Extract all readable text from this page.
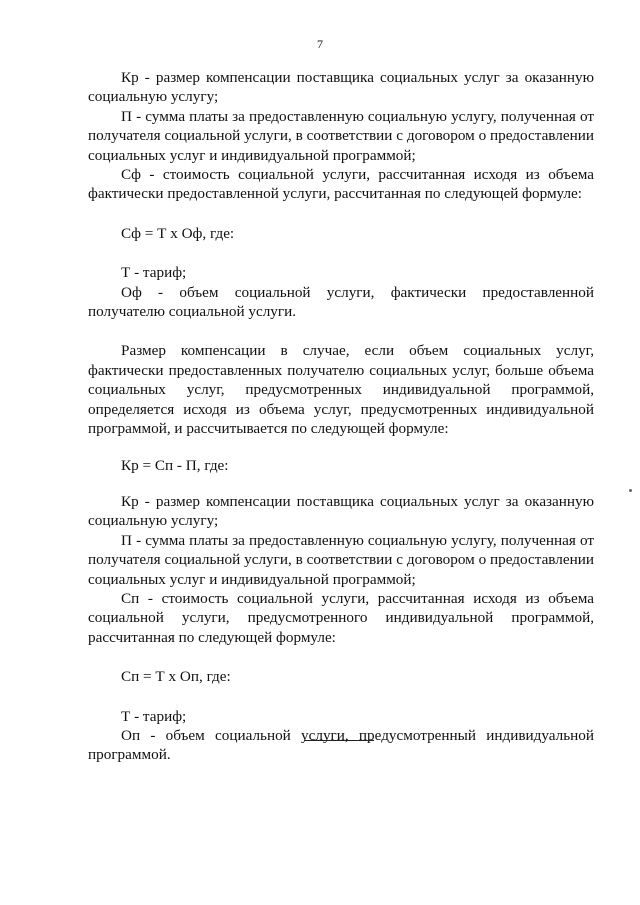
7

Кр - размер компенсации поставщика социальных услуг за оказанную социальную услугу;

П - сумма платы за предоставленную социальную услугу, полученная от получателя социальной услуги, в соответствии с договором о предоставлении социальных услуг и индивидуальной программой;

Сф - стоимость социальной услуги, рассчитанная исходя из объема фактически предоставленной услуги, рассчитанная по следующей формуле:

Сф = Т х Оф, где:

Т - тариф;

Оф - объем социальной услуги, фактически предоставленной получателю социальной услуги.

Размер компенсации в случае, если объем социальных услуг, фактически предоставленных получателю социальных услуг, больше объема социальных услуг, предусмотренных индивидуальной программой, определяется исходя из объема услуг, предусмотренных индивидуальной программой, и рассчитывается по следующей формуле:

Кр = Сп - П, где:

Кр - размер компенсации поставщика социальных услуг за оказанную социальную услугу;

П - сумма платы за предоставленную социальную услугу, полученная от получателя социальной услуги, в соответствии с договором о предоставлении социальных услуг и индивидуальной программой;

Сп - стоимость социальной услуги, рассчитанная исходя из объема социальной услуги, предусмотренного индивидуальной программой, рассчитанная по следующей формуле:

Сп = Т х Оп, где:

Т - тариф;

Оп - объем социальной услуги, предусмотренный индивидуальной программой.
